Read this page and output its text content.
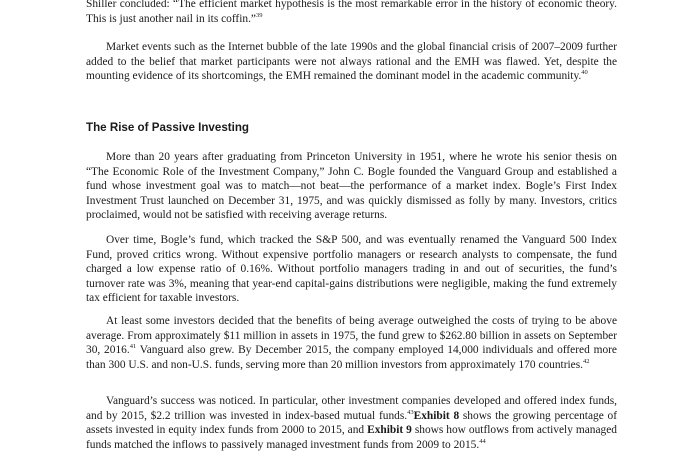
Shiller concluded: “The efficient market hypothesis is the most remarkable error in the history of economic theory. This is just another nail in its coffin.”$^{39}$

Market events such as the Internet bubble of the late 1990s and the global financial crisis of 2007–2009 further added to the belief that market participants were not always rational and the EMH was flawed. Yet, despite the mounting evidence of its shortcomings, the EMH remained the dominant model in the academic community.$^{40}$

The Rise of Passive Investing

More than 20 years after graduating from Princeton University in 1951, where he wrote his senior thesis on “The Economic Role of the Investment Company,” John C. Bogle founded the Vanguard Group and established a fund whose investment goal was to match—not beat—the performance of a market index. Bogle’s First Index Investment Trust launched on December 31, 1975, and was quickly dismissed as folly by many. Investors, critics proclaimed, would not be satisfied with receiving average returns.

Over time, Bogle’s fund, which tracked the S&P 500, and was eventually renamed the Vanguard 500 Index Fund, proved critics wrong. Without expensive portfolio managers or research analysts to compensate, the fund charged a low expense ratio of 0.16%. Without portfolio managers trading in and out of securities, the fund’s turnover rate was 3%, meaning that year-end capital-gains distributions were negligible, making the fund extremely tax efficient for taxable investors.

At least some investors decided that the benefits of being average outweighed the costs of trying to be above average. From approximately $11 million in assets in 1975, the fund grew to $262.80 billion in assets on September 30, 2016.41 Vanguard also grew. By December 2015, the company employed 14,000 individuals and offered more than 300 U.S. and non-U.S. funds, serving more than 20 million investors from approximately 170 countries.$^{42}$

Vanguard’s success was noticed. In particular, other investment companies developed and offered index funds, and by 2015, $2.2 trillion was invested in index-based mutual funds.$^{43}$Exhibit 8 shows the growing percentage of assets invested in equity index funds from 2000 to 2015, and Exhibit 9 shows how outflows from actively managed funds matched the inflows to passively managed investment funds from 2009 to 2015.44
